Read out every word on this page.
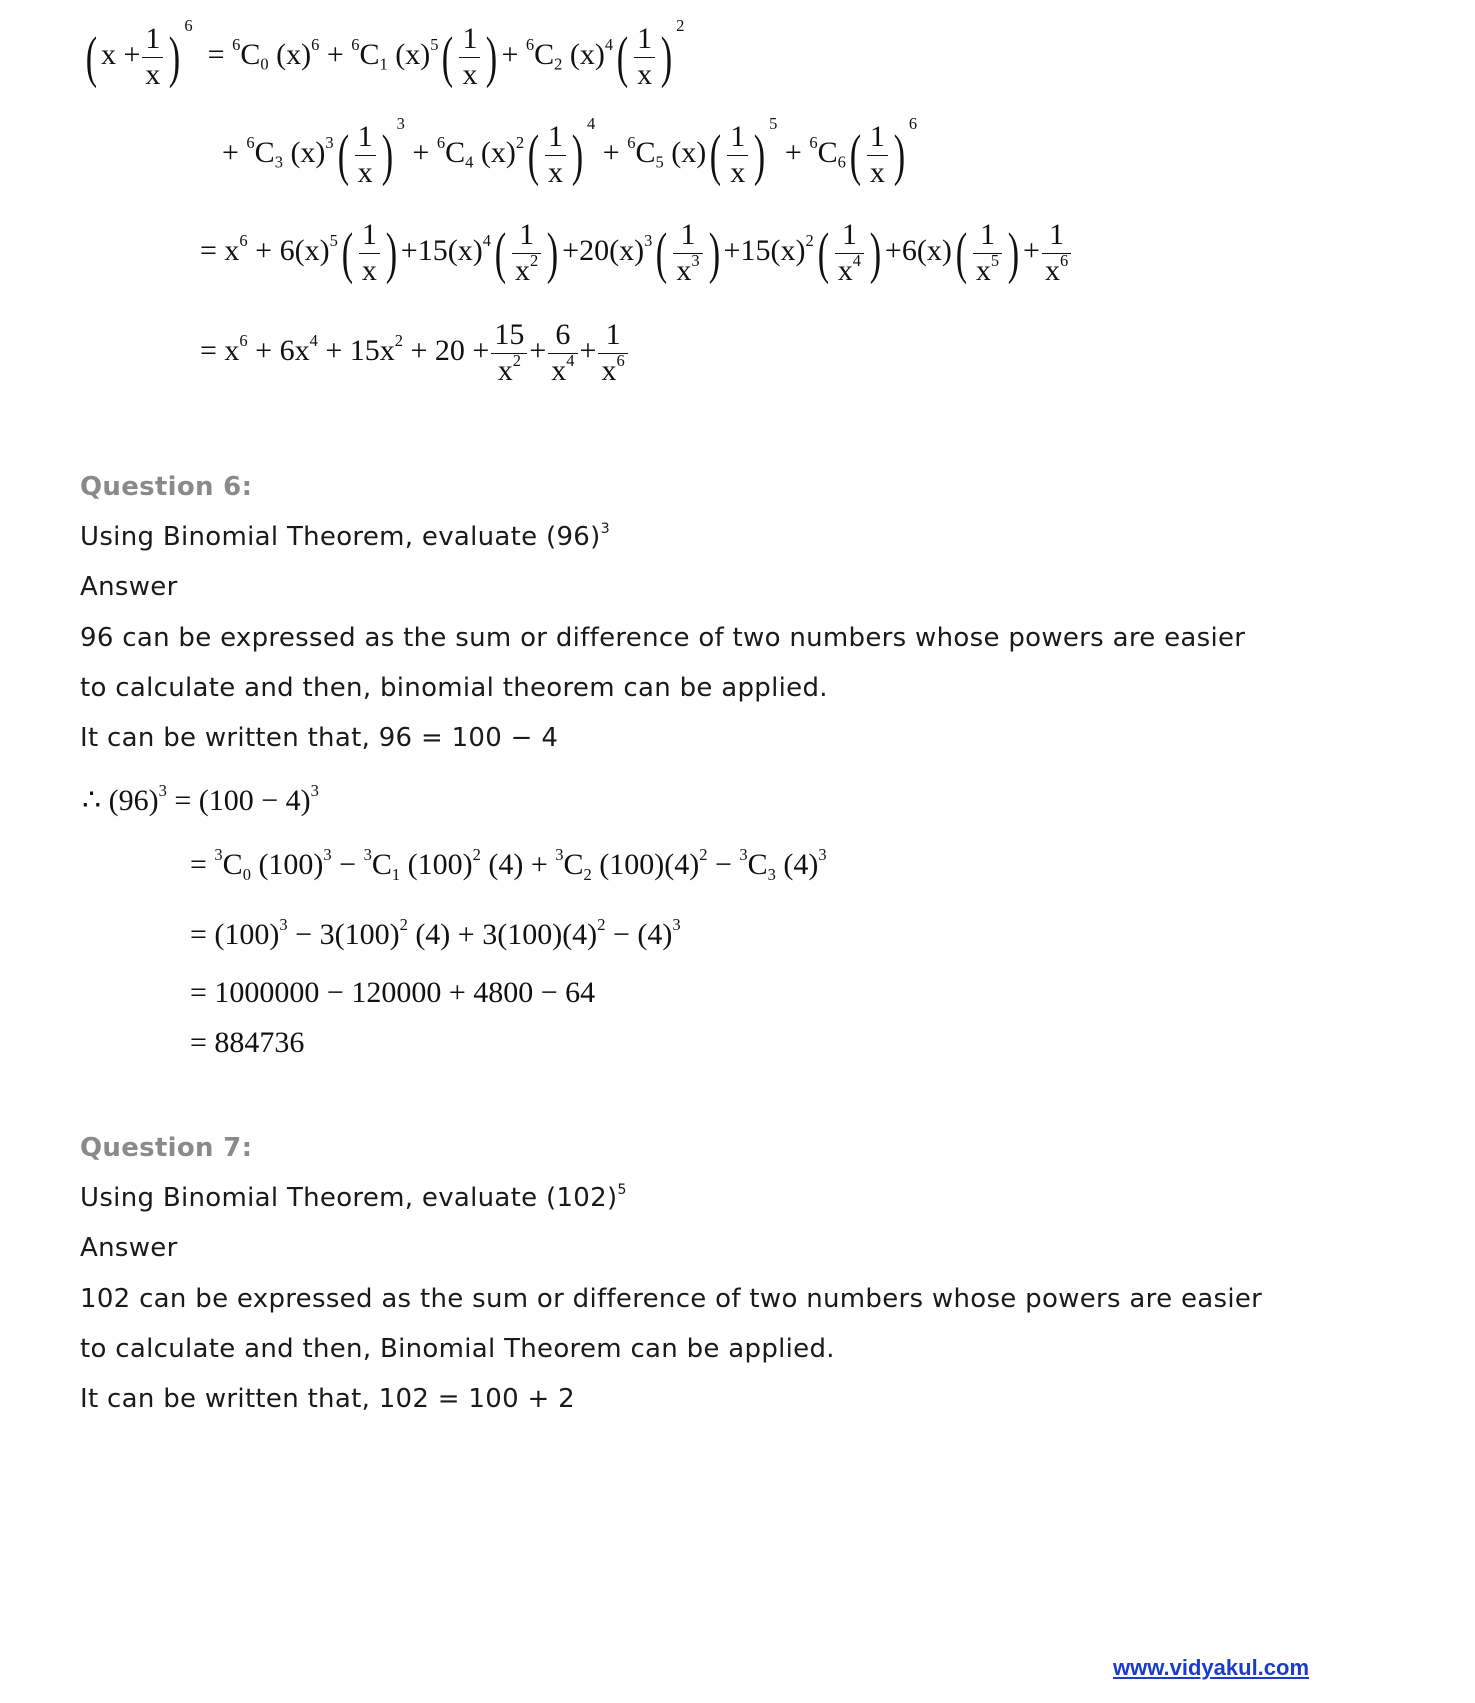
( $x + \frac{1}{x}$ ) $6 = ^6C_0$ $(x)^6 + ^6C_1$ $(x)^5( \frac{1}{x}$ ) + $^6C_2$ $(x)^4( \frac{1}{x}$ ) 2
+ $^6C_3$ $(x)^3( \frac{1}{x}$ ) $3 + ^6C_4$ $(x)^2( \frac{1}{x}$ ) $4 + ^6C_5$ $(x)( \frac{1}{x}$ ) $5 + ^6C_6( \frac{1}{x}$ ) 6
= $x^6 + 6(x)^5( \frac{1}{x}$ ) $+15(x)^4( \frac{1}{x^2}$ ) $+20(x)^3( \frac{1}{x^3}$ ) $+15(x)^2( \frac{1}{x^4}$ ) $+6(x)( \frac{1}{x^5}$ ) + $\frac{1}{x^6}$
= $x^6 + 6x^4 + 15x^2 + 20 + \frac{15}{x^2} + \frac{6}{x^4} + \frac{1}{x^6}$
Question 6:
Using Binomial Theorem, evaluate $(96)^3$
Answer
96 can be expressed as the sum or difference of two numbers whose powers are easier
to calculate and then, binomial theorem can be applied.
It can be written that, 96 = 100 − 4
∴ $(96)^3 = (100 - 4)^3$
= $^3C_0$ $(100)^3 - ^3C_1$ $(100)^2$ $(4) + ^3C_2$ $(100)(4)^2 - ^3C_3$ $(4)^3$
= $(100)^3 - 3(100)^2$ $(4) + 3(100)(4)^2 - (4)^3$
= 1000000 − 120000 + 4800 − 64
= 884736
Question 7:
Using Binomial Theorem, evaluate $(102)^5$
Answer
102 can be expressed as the sum or difference of two numbers whose powers are easier
to calculate and then, Binomial Theorem can be applied.
It can be written that, 102 = 100 + 2
www.vidyakul.com
